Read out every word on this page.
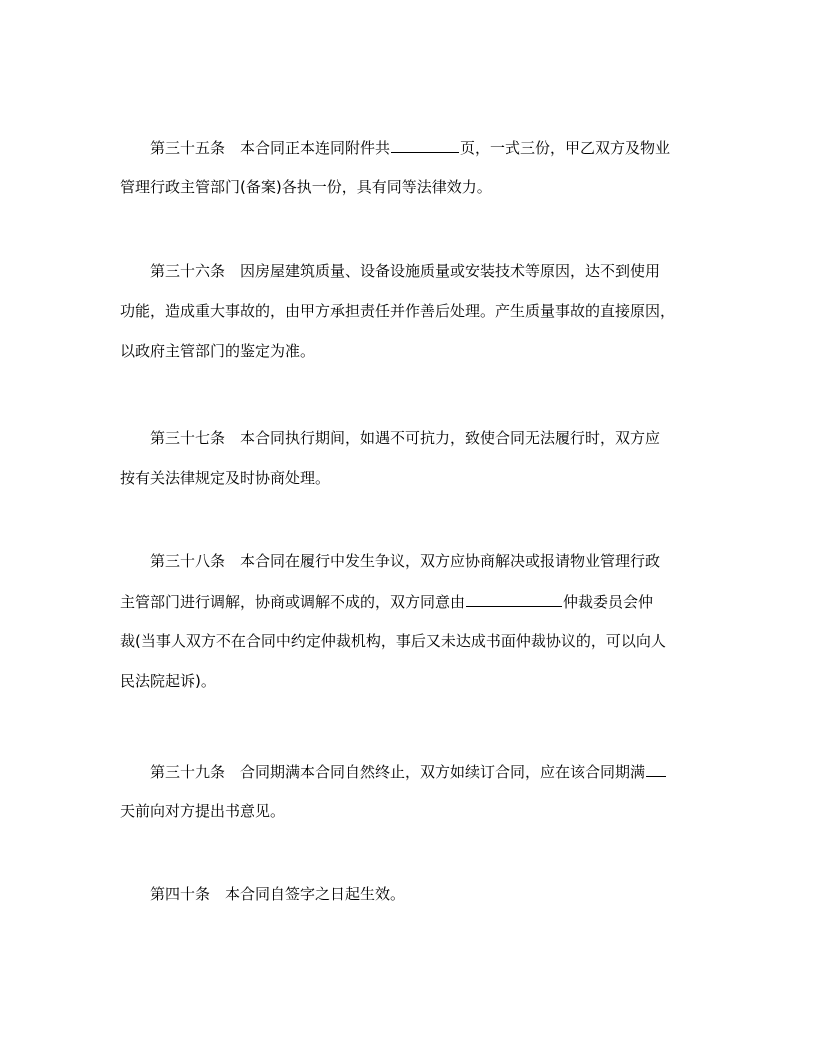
第三十五条 本合同正本连同附件共	页，一式三份，甲乙双方及物业
管理行政主管部门(备案)各执一份，具有同等法律效力。
第三十六条 因房屋建筑质量、设备设施质量或安装技术等原因，达不到使用
功能，造成重大事故的，由甲方承担责任并作善后处理。产生质量事故的直接原因，
以政府主管部门的鉴定为准。
第三十七条 本合同执行期间，如遇不可抗力，致使合同无法履行时，双方应
按有关法律规定及时协商处理。
第三十八条 本合同在履行中发生争议，双方应协商解决或报请物业管理行政
主管部门进行调解，协商或调解不成的，双方同意由	仲裁委员会仲
裁(当事人双方不在合同中约定仲裁机构，事后又未达成书面仲裁协议的，可以向人
民法院起诉)。
第三十九条 合同期满本合同自然终止，双方如续订合同，应在该合同期满
天前向对方提出书意见。
第四十条 本合同自签字之日起生效。
